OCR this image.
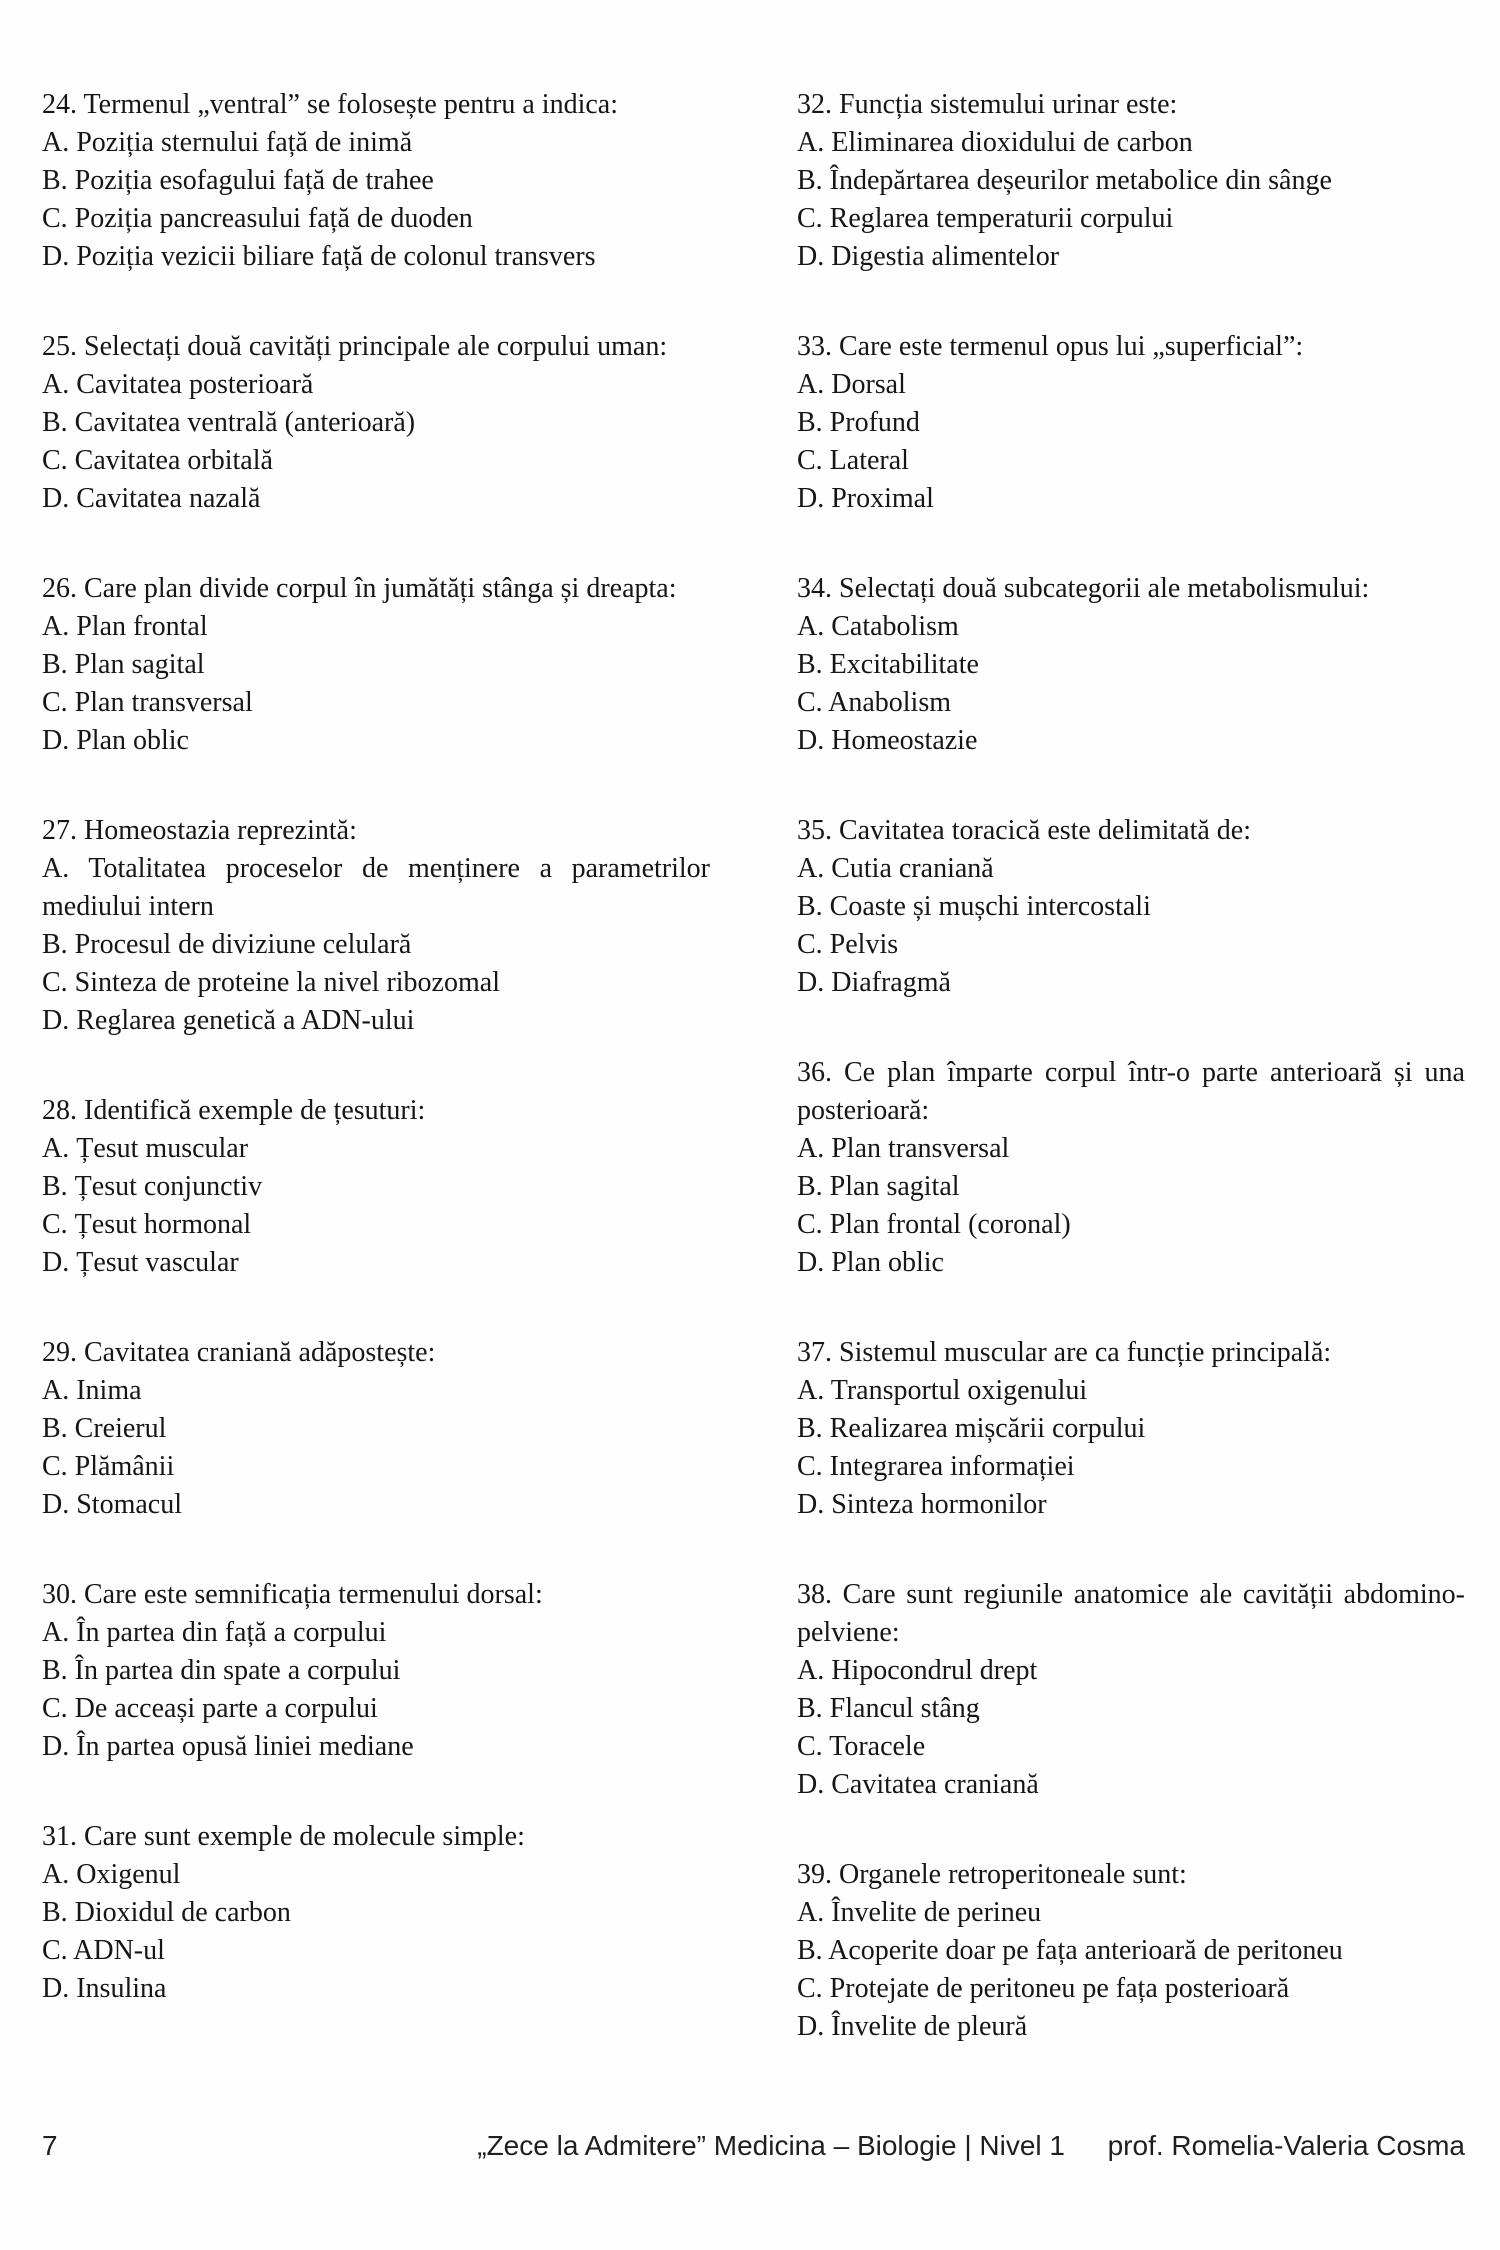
24. Termenul „ventral” se folosește pentru a indica:

A. Poziția sternului față de inimă

B. Poziția esofagului față de trahee

C. Poziția pancreasului față de duoden

D. Poziția vezicii biliare față de colonul transvers

25. Selectați două cavități principale ale corpului uman:

A. Cavitatea posterioară

B. Cavitatea ventrală (anterioară)

C. Cavitatea orbitală

D. Cavitatea nazală

26. Care plan divide corpul în jumătăți stânga și dreapta:

A. Plan frontal

B. Plan sagital

C. Plan transversal

D. Plan oblic

27. Homeostazia reprezintă:

A. Totalitatea proceselor de menținere a parametrilor mediului intern

B. Procesul de diviziune celulară

C. Sinteza de proteine la nivel ribozomal

D. Reglarea genetică a ADN-ului

28. Identifică exemple de țesuturi:

A. Țesut muscular

B. Țesut conjunctiv

C. Țesut hormonal

D. Țesut vascular

29. Cavitatea craniană adăpostește:

A. Inima

B. Creierul

C. Plămânii

D. Stomacul

30. Care este semnificația termenului dorsal:

A. În partea din față a corpului

B. În partea din spate a corpului

C. De acceași parte a corpului

D. În partea opusă liniei mediane

31. Care sunt exemple de molecule simple:

A. Oxigenul

B. Dioxidul de carbon

C. ADN-ul

D. Insulina

32. Funcția sistemului urinar este:

A. Eliminarea dioxidului de carbon

B. Îndepărtarea deșeurilor metabolice din sânge

C. Reglarea temperaturii corpului

D. Digestia alimentelor

33. Care este termenul opus lui „superficial”:

A. Dorsal

B. Profund

C. Lateral

D. Proximal

34. Selectați două subcategorii ale metabolismului:

A. Catabolism

B. Excitabilitate

C. Anabolism

D. Homeostazie

35. Cavitatea toracică este delimitată de:

A. Cutia craniană

B. Coaste și mușchi intercostali

C. Pelvis

D. Diafragmă

36. Ce plan împarte corpul într-o parte anterioară și una posterioară:

A. Plan transversal

B. Plan sagital

C. Plan frontal (coronal)

D. Plan oblic

37. Sistemul muscular are ca funcție principală:

A. Transportul oxigenului

B. Realizarea mișcării corpului

C. Integrarea informației

D. Sinteza hormonilor

38. Care sunt regiunile anatomice ale cavității abdomino-pelviene:

A. Hipocondrul drept

B. Flancul stâng

C. Toracele

D. Cavitatea craniană

39. Organele retroperitoneale sunt:

A. Învelite de perineu

B. Acoperite doar pe fața anterioară de peritoneu

C. Protejate de peritoneu pe fața posterioară

D. Învelite de pleură

7	„Zece la Admitere” Medicina – Biologie | Nivel 1 prof. Romelia-Valeria Cosma
